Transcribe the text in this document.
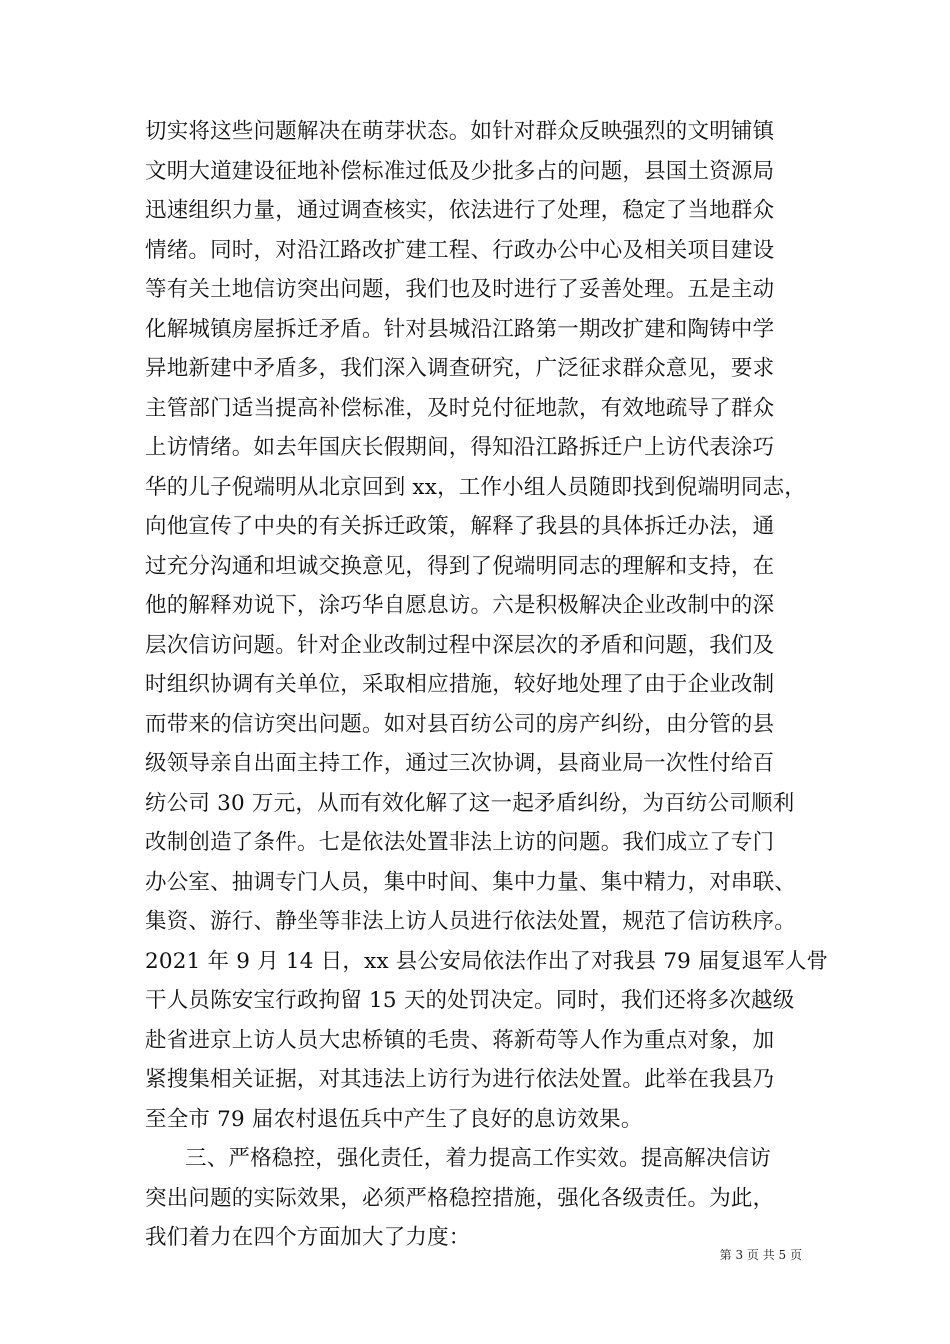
切实将这些问题解决在萌芽状态。如针对群众反映强烈的文明铺镇
文明大道建设征地补偿标准过低及少批多占的问题，县国土资源局
迅速组织力量，通过调查核实，依法进行了处理，稳定了当地群众
情绪。同时，对沿江路改扩建工程、行政办公中心及相关项目建设
等有关土地信访突出问题，我们也及时进行了妥善处理。五是主动
化解城镇房屋拆迁矛盾。针对县城沿江路第一期改扩建和陶铸中学
异地新建中矛盾多，我们深入调查研究，广泛征求群众意见，要求
主管部门适当提高补偿标准，及时兑付征地款，有效地疏导了群众
上访情绪。如去年国庆长假期间，得知沿江路拆迁户上访代表涂巧
华的儿子倪端明从北京回到 xx，工作小组人员随即找到倪端明同志，
向他宣传了中央的有关拆迁政策，解释了我县的具体拆迁办法，通
过充分沟通和坦诚交换意见，得到了倪端明同志的理解和支持，在
他的解释劝说下，涂巧华自愿息访。六是积极解决企业改制中的深
层次信访问题。针对企业改制过程中深层次的矛盾和问题，我们及
时组织协调有关单位，采取相应措施，较好地处理了由于企业改制
而带来的信访突出问题。如对县百纺公司的房产纠纷，由分管的县
级领导亲自出面主持工作，通过三次协调，县商业局一次性付给百
纺公司 30 万元，从而有效化解了这一起矛盾纠纷，为百纺公司顺利
改制创造了条件。七是依法处置非法上访的问题。我们成立了专门
办公室、抽调专门人员，集中时间、集中力量、集中精力，对串联、
集资、游行、静坐等非法上访人员进行依法处置，规范了信访秩序。
2021 年 9 月 14 日，xx 县公安局依法作出了对我县 79 届复退军人骨
干人员陈安宝行政拘留 15 天的处罚决定。同时，我们还将多次越级
赴省进京上访人员大忠桥镇的毛贵、蒋新苟等人作为重点对象，加
紧搜集相关证据，对其违法上访行为进行依法处置。此举在我县乃
至全市 79 届农村退伍兵中产生了良好的息访效果。
三、严格稳控，强化责任，着力提高工作实效。提高解决信访
突出问题的实际效果，必须严格稳控措施，强化各级责任。为此，
我们着力在四个方面加大了力度：
第 3 页 共 5 页
